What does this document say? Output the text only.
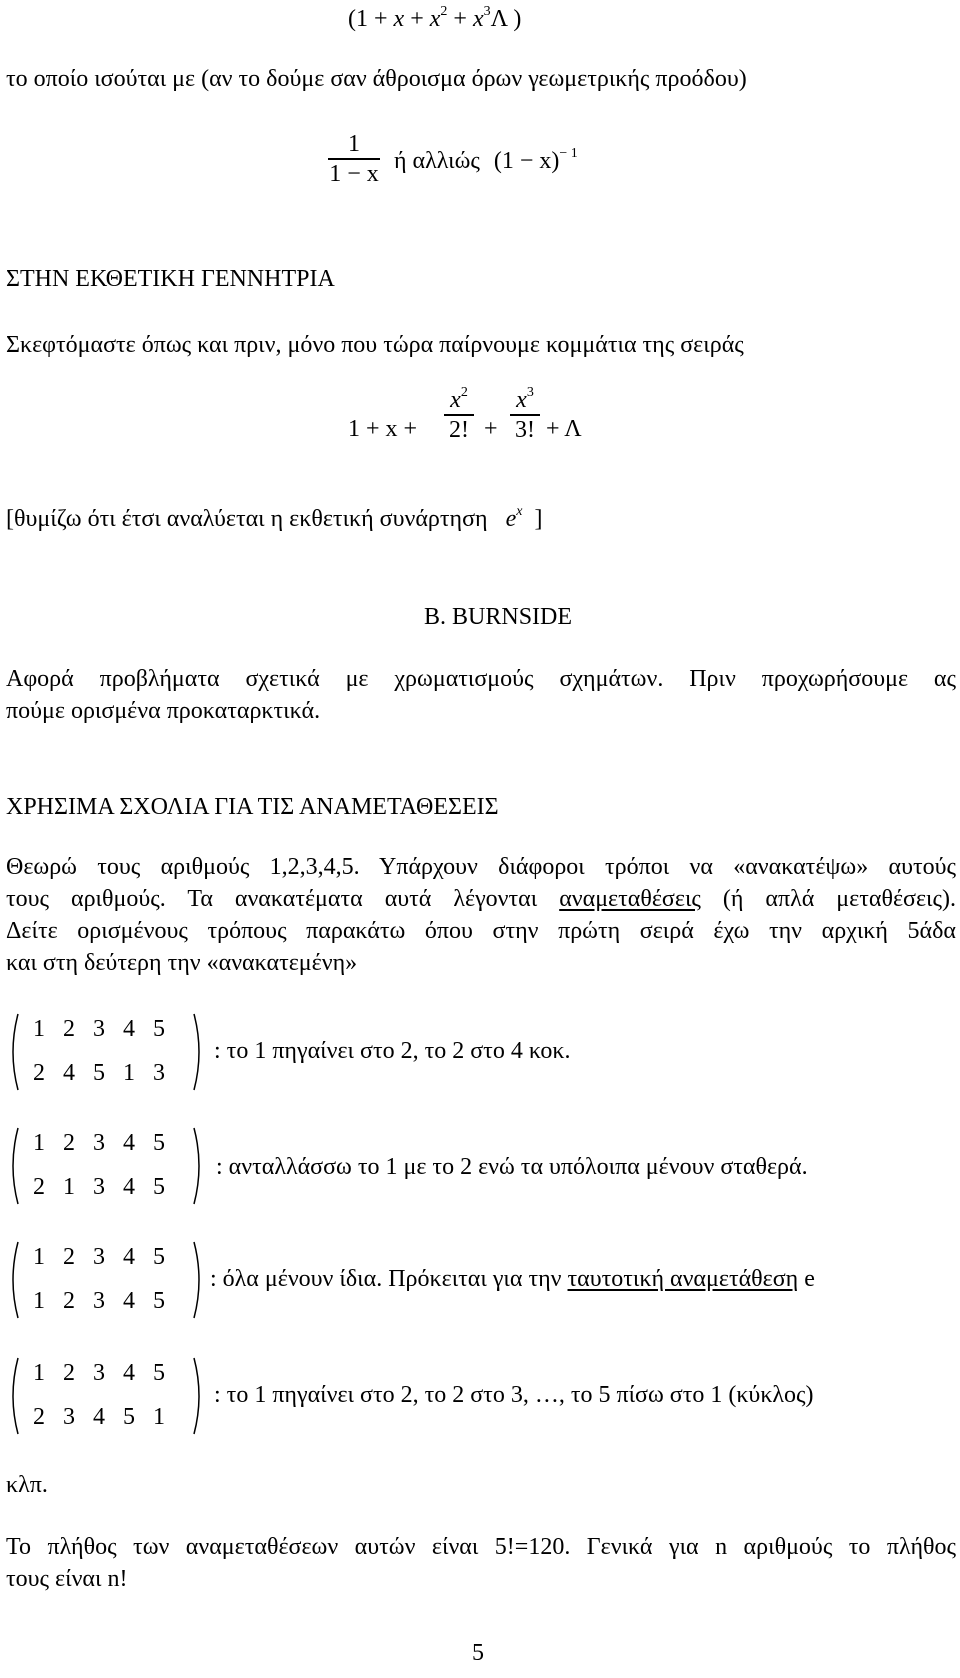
($1 + x + x^2 + x^3\Lambda$ )
το οποίο ισούται με (αν το δούμε σαν άθροισμα όρων γεωμετρικής προόδου)
1
1 − x ή αλλιώς $(1 - x)^{- 1}$
ΣΤΗΝ ΕΚΘΕΤΙΚΗ ΓΕΝΝΗΤΡΙΑ
Σκεφτόμαστε όπως και πριν, μόνο που τώρα παίρνουμε κομμάτια της σειράς
1 + x +
$x^2$
2! +
$x^3$
3! + Λ
[θυμίζω ότι έτσι αναλύεται η εκθετική συνάρτηση $e^x$ ]
Β. BURNSIDE
Αφορά προβλήματα σχετικά με χρωματισμούς σχημάτων. Πριν προχωρήσουμε ας
πούμε ορισμένα προκαταρκτικά.
ΧΡΗΣΙΜΑ ΣΧΟΛΙΑ ΓΙΑ ΤΙΣ ΑΝΑΜΕΤΑΘΕΣΕΙΣ
Θεωρώ τους αριθμούς 1,2,3,4,5. Υπάρχουν διάφοροι τρόποι να «ανακατέψω» αυτούς
τους αριθμούς. Τα ανακατέματα αυτά λέγονται αναμεταθέσεις (ή απλά μεταθέσεις).
Δείτε ορισμένους τρόπους παρακάτω όπου στην πρώτη σειρά έχω την αρχική 5άδα
και στη δεύτερη την «ανακατεμένη»
1 2 3 4 5
2 4 5 1 3
: το 1 πηγαίνει στο 2, το 2 στο 4 κοκ.
1 2 3 4 5
2 1 3 4 5
: ανταλλάσσω το 1 με το 2 ενώ τα υπόλοιπα μένουν σταθερά.
1 2 3 4 5
1 2 3 4 5
: όλα μένουν ίδια. Πρόκειται για την ταυτοτική αναμετάθεση e
1 2 3 4 5
2 3 4 5 1
: το 1 πηγαίνει στο 2, το 2 στο 3, …, το 5 πίσω στο 1 (κύκλος)
κλπ.
Το πλήθος των αναμεταθέσεων αυτών είναι 5!=120. Γενικά για n αριθμούς το πλήθος
τους είναι n!
5
